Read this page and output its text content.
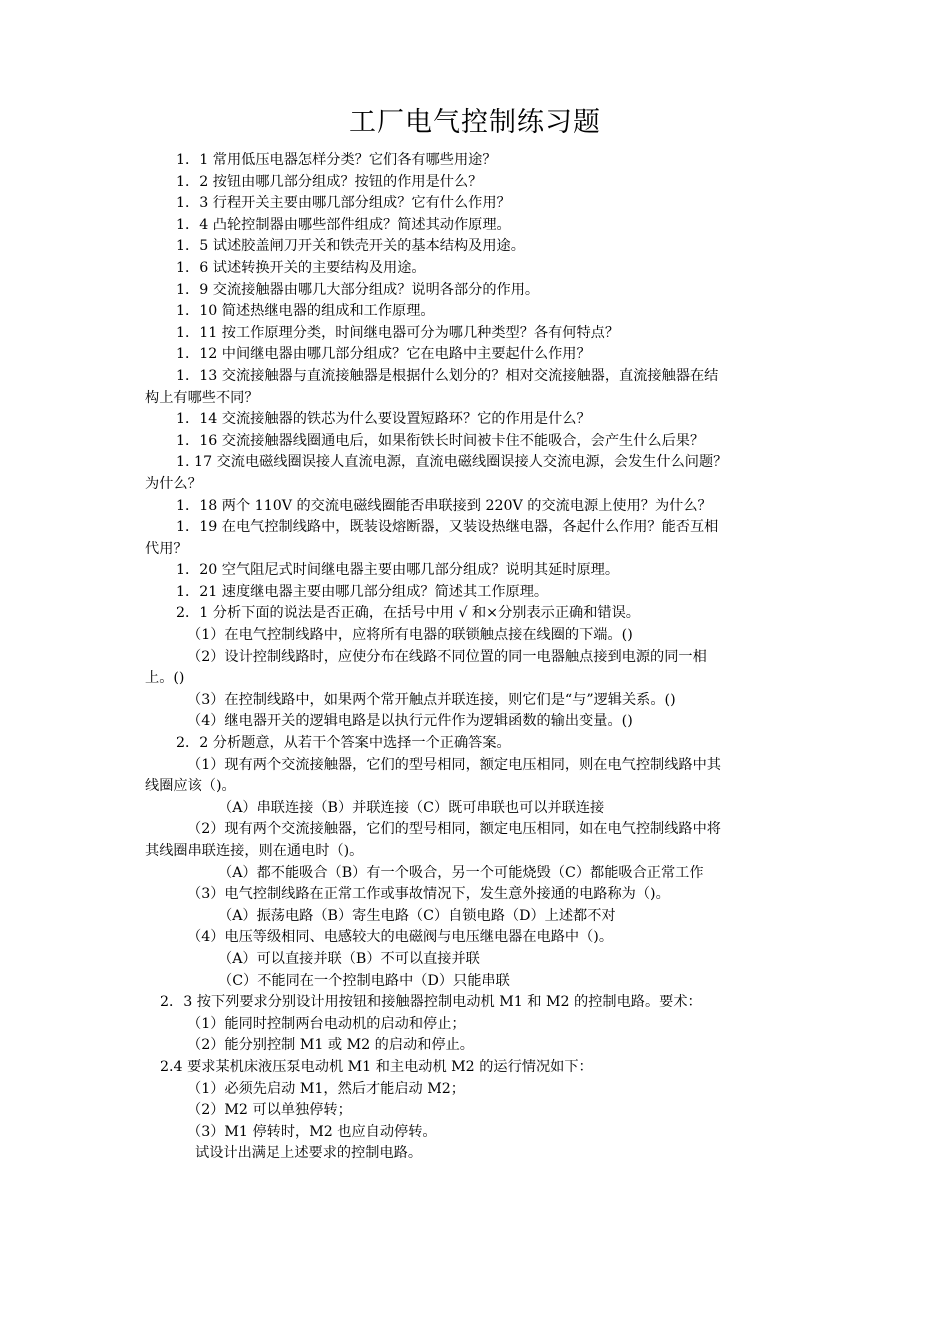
工厂电气控制练习题
1．1 常用低压电器怎样分类？它们各有哪些用途？
1．2 按钮由哪几部分组成？按钮的作用是什么？
1．3 行程开关主要由哪几部分组成？它有什么作用？
1．4 凸轮控制器由哪些部件组成？简述其动作原理。
1．5 试述胶盖闸刀开关和铁壳开关的基本结构及用途。
1．6 试述转换开关的主要结构及用途。
1．9 交流接触器由哪几大部分组成？说明各部分的作用。
1．10 简述热继电器的组成和工作原理。
1．11 按工作原理分类，时间继电器可分为哪几种类型？各有何特点？
1．12 中间继电器由哪几部分组成？它在电路中主要起什么作用？
1．13 交流接触器与直流接触器是根据什么划分的？相对交流接触器，直流接触器在结
构上有哪些不同？
1．14 交流接触器的铁芯为什么要设置短路环？它的作用是什么？
1．16 交流接触器线圈通电后，如果衔铁长时间被卡住不能吸合，会产生什么后果？
1. 17 交流电磁线圈误接人直流电源，直流电磁线圈误接人交流电源，会发生什么问题？
为什么？
1．18 两个 110V 的交流电磁线圈能否串联接到 220V 的交流电源上使用？为什么？
1．19 在电气控制线路中，既装设熔断器，又装设热继电器，各起什么作用？能否互相
代用？
1．20 空气阻尼式时间继电器主要由哪几部分组成？说明其延时原理。
1．21 速度继电器主要由哪几部分组成？简述其工作原理。
2．1 分析下面的说法是否正确，在括号中用 √ 和×分别表示正确和错误。
（1）在电气控制线路中，应将所有电器的联锁触点接在线圈的下端。()
（2）设计控制线路时，应使分布在线路不同位置的同一电器触点接到电源的同一相
上。()
（3）在控制线路中，如果两个常开触点并联连接，则它们是“与”逻辑关系。()
（4）继电器开关的逻辑电路是以执行元件作为逻辑函数的输出变量。()
2．2 分析题意，从若干个答案中选择一个正确答案。
（1）现有两个交流接触器，它们的型号相同，额定电压相同，则在电气控制线路中其
线圈应该（)。
（A）串联连接（B）并联连接（C）既可串联也可以并联连接
（2）现有两个交流接触器，它们的型号相同，额定电压相同，如在电气控制线路中将
其线圈串联连接，则在通电时（)。
（A）都不能吸合（B）有一个吸合，另一个可能烧毁（C）都能吸合正常工作
（3）电气控制线路在正常工作或事故情况下，发生意外接通的电路称为（)。
（A）振荡电路（B）寄生电路（C）自锁电路（D）上述都不对
（4）电压等级相同、电感较大的电磁阀与电压继电器在电路中（)。
（A）可以直接并联（B）不可以直接并联
（C）不能同在一个控制电路中（D）只能串联
2．3 按下列要求分别设计用按钮和接触器控制电动机 M1 和 M2 的控制电路。要术：
（1）能同时控制两台电动机的启动和停止；
（2）能分别控制 M1 或 M2 的启动和停止。
2.4 要求某机床液压泵电动机 M1 和主电动机 M2 的运行情况如下：
（1）必须先启动 M1，然后才能启动 M2；
（2）M2 可以单独停转；
（3）M1 停转时，M2 也应自动停转。
试设计出满足上述要求的控制电路。
